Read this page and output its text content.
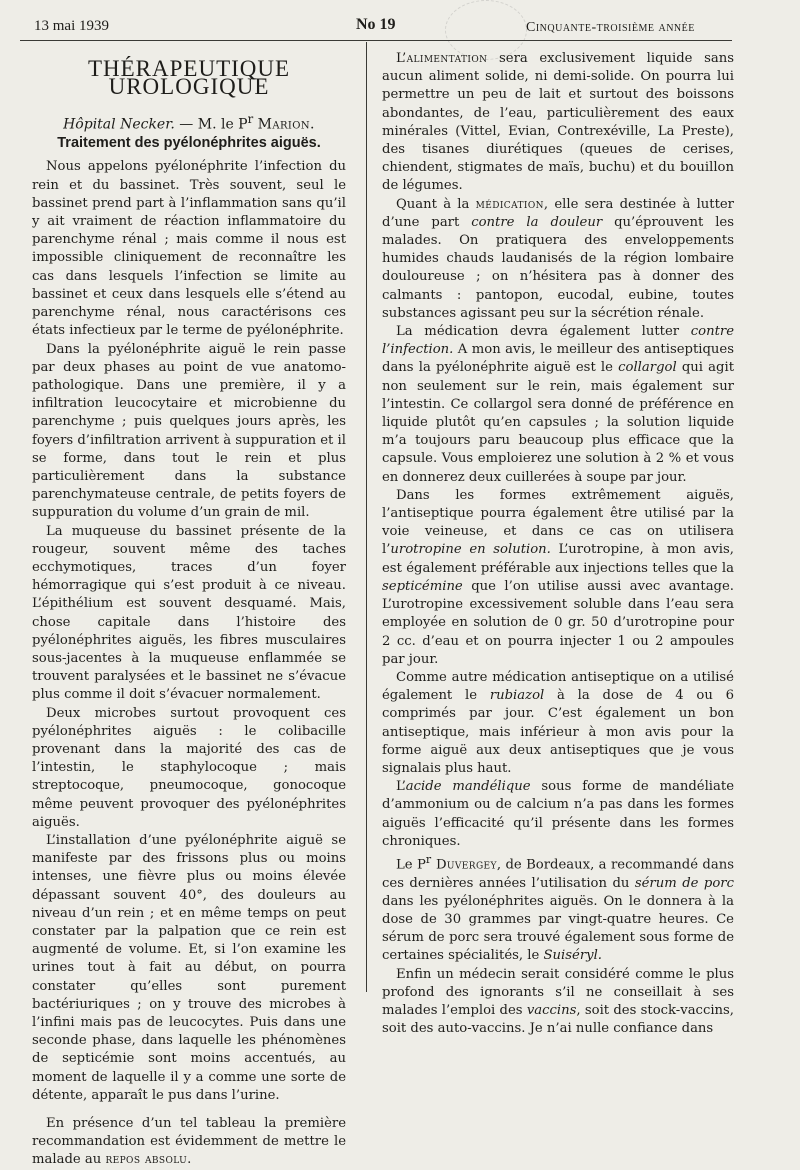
13 mai 1939	No 19	Cinquante-troisième année
THÉRAPEUTIQUE UROLOGIQUE

Hôpital Necker. — M. le $P^r$ Marion.

Traitement des pyélonéphrites aiguës.

Nous appelons pyélonéphrite l’infection du rein et du bassinet. Très souvent, seul le bassinet prend part à l’inflammation sans qu’il y ait vraiment de réaction inflammatoire du parenchyme rénal ; mais comme il nous est impossible cliniquement de reconnaître les cas dans lesquels l’infection se limite au bassinet et ceux dans lesquels elle s’étend au parenchyme rénal, nous caractérisons ces états infectieux par le terme de pyélonéphrite.

Dans la pyélonéphrite aiguë le rein passe par deux phases au point de vue anatomo-pathologique. Dans une première, il y a infiltration leucocytaire et microbienne du parenchyme ; puis quelques jours après, les foyers d’infiltration arrivent à suppuration et il se forme, dans tout le rein et plus particulièrement dans la substance parenchymateuse centrale, de petits foyers de suppuration du volume d’un grain de mil.

La muqueuse du bassinet présente de la rougeur, souvent même des taches ecchymotiques, traces d’un foyer hémorragique qui s’est produit à ce niveau. L’épithélium est souvent desquamé. Mais, chose capitale dans l’histoire des pyélonéphrites aiguës, les fibres musculaires sous-jacentes à la muqueuse enflammée se trouvent paralysées et le bassinet ne s’évacue plus comme il doit s’évacuer normalement.

Deux microbes surtout provoquent ces pyélonéphrites aiguës : le colibacille provenant dans la majorité des cas de l’intestin, le staphylocoque ; mais streptocoque, pneumocoque, gonocoque même peuvent provoquer des pyélonéphrites aiguës.

L’installation d’une pyélonéphrite aiguë se manifeste par des frissons plus ou moins intenses, une fièvre plus ou moins élevée dépassant souvent 40°, des douleurs au niveau d’un rein ; et en même temps on peut constater par la palpation que ce rein est augmenté de volume. Et, si l’on examine les urines tout à fait au début, on pourra constater qu’elles sont purement bactériuriques ; on y trouve des microbes à l’infini mais pas de leucocytes. Puis dans une seconde phase, dans laquelle les phénomènes de septicémie sont moins accentués, au moment de laquelle il y a comme une sorte de détente, apparaît le pus dans l’urine.

En présence d’un tel tableau la première recommandation est évidemment de mettre le malade au repos absolu.

L’alimentation sera exclusivement liquide sans aucun aliment solide, ni demi-solide. On pourra lui permettre un peu de lait et surtout des boissons abondantes, de l’eau, particulièrement des eaux minérales (Vittel, Evian, Contrexéville, La Preste), des tisanes diurétiques (queues de cerises, chiendent, stigmates de maïs, buchu) et du bouillon de légumes.

Quant à la médication, elle sera destinée à lutter d’une part contre la douleur qu’éprouvent les malades. On pratiquera des enveloppements humides chauds laudanisés de la région lombaire douloureuse ; on n’hésitera pas à donner des calmants : pantopon, eucodal, eubine, toutes substances agissant peu sur la sécrétion rénale.

La médication devra également lutter contre l’infection. A mon avis, le meilleur des antiseptiques dans la pyélonéphrite aiguë est le collargol qui agit non seulement sur le rein, mais également sur l’intestin. Ce collargol sera donné de préférence en liquide plutôt qu’en capsules ; la solution liquide m’a toujours paru beaucoup plus efficace que la capsule. Vous emploierez une solution à 2 % et vous en donnerez deux cuillerées à soupe par jour.

Dans les formes extrêmement aiguës, l’antiseptique pourra également être utilisé par la voie veineuse, et dans ce cas on utilisera l’urotropine en solution. L’urotropine, à mon avis, est également préférable aux injections telles que la septicémine que l’on utilise aussi avec avantage. L’urotropine excessivement soluble dans l’eau sera employée en solution de 0 gr. 50 d’urotropine pour 2 cc. d’eau et on pourra injecter 1 ou 2 ampoules par jour.

Comme autre médication antiseptique on a utilisé également le rubiazol à la dose de 4 ou 6 comprimés par jour. C’est également un bon antiseptique, mais inférieur à mon avis pour la forme aiguë aux deux antiseptiques que je vous signalais plus haut.

L’acide mandélique sous forme de mandéliate d’ammonium ou de calcium n’a pas dans les formes aiguës l’efficacité qu’il présente dans les formes chroniques.

Le $P^r$ Duvergey, de Bordeaux, a recommandé dans ces dernières années l’utilisation du sérum de porc dans les pyélonéphrites aiguës. On le donnera à la dose de 30 grammes par vingt-quatre heures. Ce sérum de porc sera trouvé également sous forme de certaines spécialités, le Suiséryl.

Enfin un médecin serait considéré comme le plus profond des ignorants s’il ne conseillait à ses malades l’emploi des vaccins, soit des stock-vaccins, soit des auto-vaccins. Je n’ai nulle confiance dans
